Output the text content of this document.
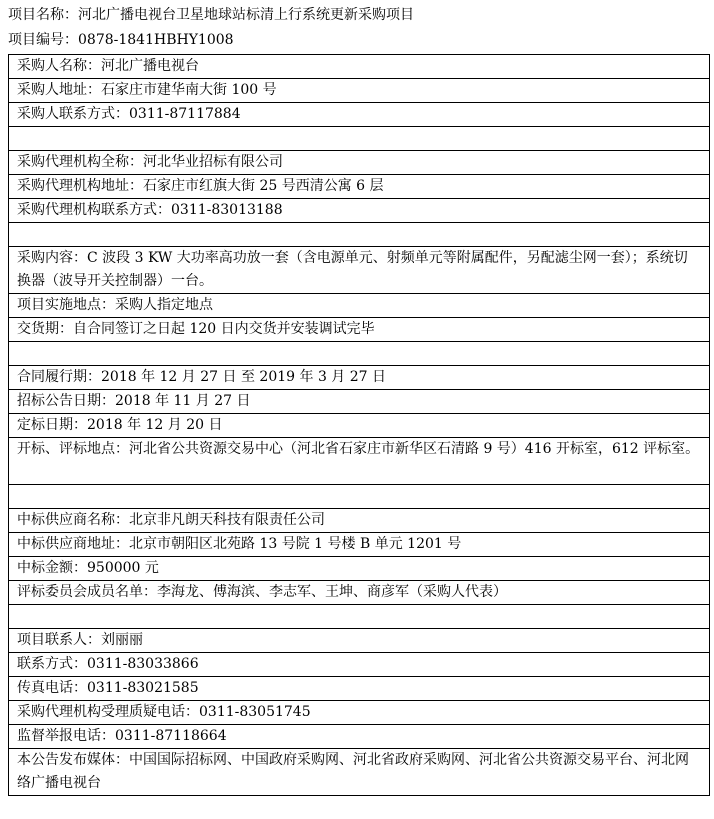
项目名称：河北广播电视台卫星地球站标清上行系统更新采购项目
项目编号：0878-1841HBHY1008
采购人名称：河北广播电视台
采购人地址：石家庄市建华南大街 100 号
采购人联系方式：0311-87117884

采购代理机构全称：河北华业招标有限公司
采购代理机构地址：石家庄市红旗大街 25 号西清公寓 6 层
采购代理机构联系方式：0311-83013188

采购内容：C 波段 3 KW 大功率高功放一套（含电源单元、射频单元等附属配件，另配滤尘网一套）；系统切换器（波导开关控制器）一台。
项目实施地点：采购人指定地点
交货期：自合同签订之日起 120 日内交货并安装调试完毕

合同履行期：2018 年 12 月 27 日 至 2019 年 3 月 27 日
招标公告日期：2018 年 11 月 27 日
定标日期：2018 年 12 月 20 日
开标、评标地点：河北省公共资源交易中心（河北省石家庄市新华区石清路 9 号）416 开标室，612 评标室。

中标供应商名称：北京非凡朗天科技有限责任公司
中标供应商地址：北京市朝阳区北苑路 13 号院 1 号楼 B 单元 1201 号
中标金额：950000 元
评标委员会成员名单：李海龙、傅海滨、李志军、王坤、商彦军（采购人代表）

项目联系人：刘丽丽
联系方式：0311-83033866
传真电话：0311-83021585
采购代理机构受理质疑电话：0311-83051745
监督举报电话：0311-87118664
本公告发布媒体：中国国际招标网、中国政府采购网、河北省政府采购网、河北省公共资源交易平台、河北网络广播电视台
